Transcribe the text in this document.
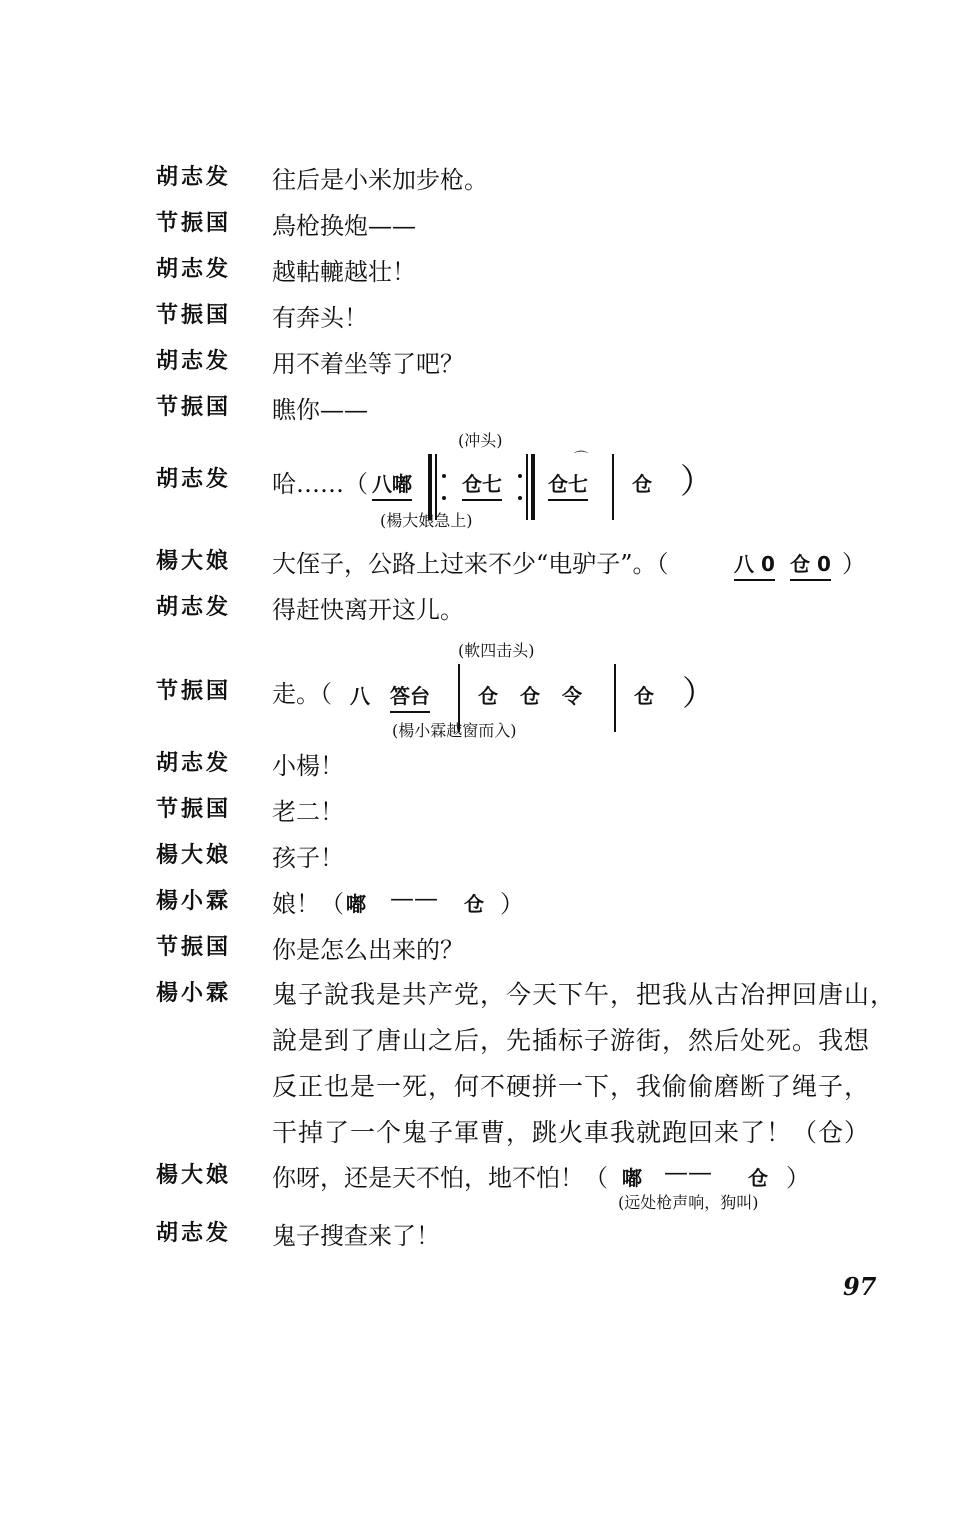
胡志发	往后是小米加步枪。
节振国	鳥枪换炮——
胡志发	越軲轆越壮！
节振国	有奔头！
胡志发	用不着坐等了吧？
节振国	瞧你——
胡志发	哈……（
(冲头)
八嘟	仓七
⌒
仓七 仓 ）
(楊大娘急上)
楊大娘	大侄子，公路上过来不少“电驴子”。（	八 0 仓 0 ）
胡志发	得赶快离开这儿。
节振国	走。（
(軟四击头)
八 答台 仓 仓 令	仓 ）
(楊小霖越窗而入)
胡志发	小楊！
节振国	老二！
楊大娘	孩子！
楊小霖	娘！（ 嘟 —— 仓 ）
节振国	你是怎么出来的？
楊小霖	鬼子說我是共产党，今天下午，把我从古冶押回唐山，
說是到了唐山之后，先插标子游街，然后处死。我想
反正也是一死，何不硬拼一下，我偷偷磨断了绳子，
干掉了一个鬼子軍曹，跳火車我就跑回来了！（仓）
楊大娘	你呀，还是天不怕，地不怕！（ 嘟 —— 仓 ）
(远处枪声响，狗叫)
胡志发	鬼子搜查来了！
97
